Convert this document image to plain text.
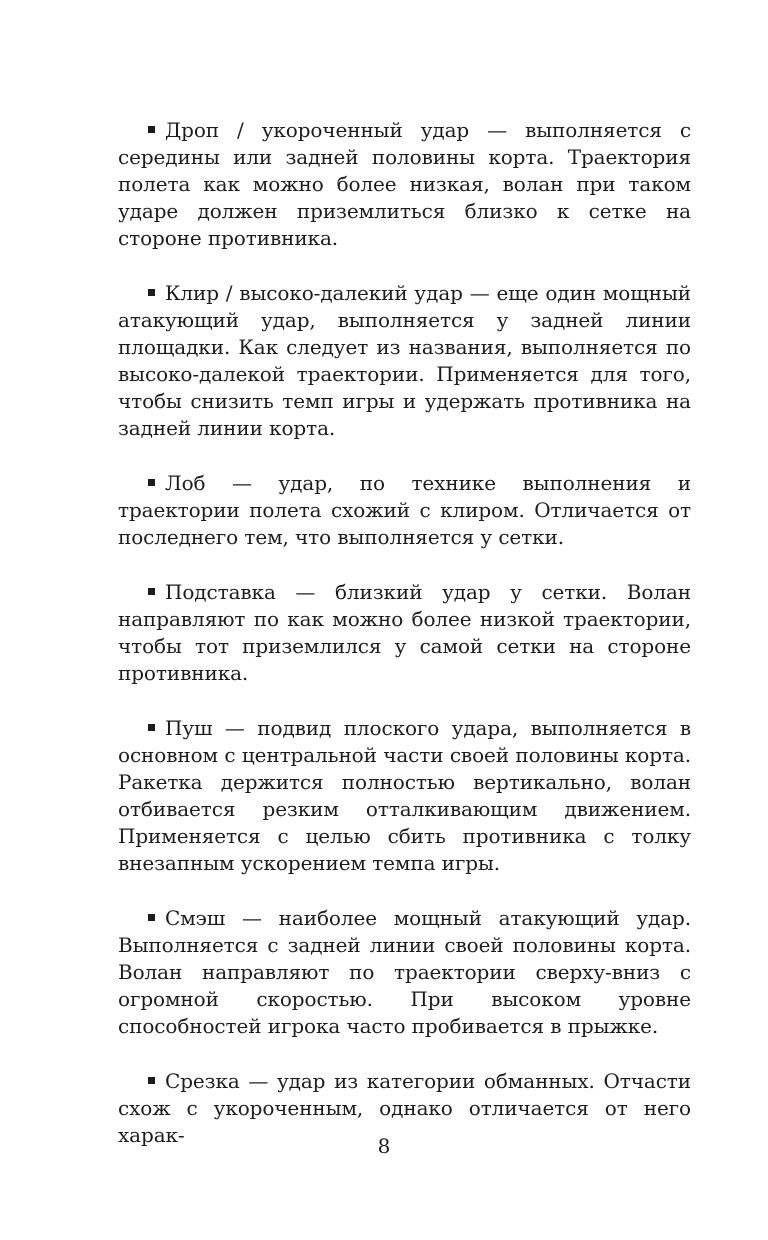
Дроп / укороченный удар — выполняется с середины или задней половины корта. Траектория полета как можно более низкая, волан при таком ударе должен приземлиться близко к сетке на стороне противника.

Клир / высоко-далекий удар — еще один мощный атакующий удар, выполняется у задней линии площадки. Как следует из названия, выполняется по высоко-далекой траектории. Применяется для того, чтобы снизить темп игры и удержать противника на задней линии корта.

Лоб — удар, по технике выполнения и траектории полета схожий с клиром. Отличается от последнего тем, что выполняется у сетки.

Подставка — близкий удар у сетки. Волан направляют по как можно более низкой траектории, чтобы тот приземлился у самой сетки на стороне противника.

Пуш — подвид плоского удара, выполняется в основном с центральной части своей половины корта. Ракетка держится полностью вертикально, волан отбивается резким отталкивающим движением. Применяется с целью сбить противника с толку внезапным ускорением темпа игры.

Смэш — наиболее мощный атакующий удар. Выполняется с задней линии своей половины корта. Волан направляют по траектории сверху-вниз с огромной скоростью. При высоком уровне способностей игрока часто пробивается в прыжке.

Срезка — удар из категории обманных. Отчасти схож с укороченным, однако отличается от него харак-	8
